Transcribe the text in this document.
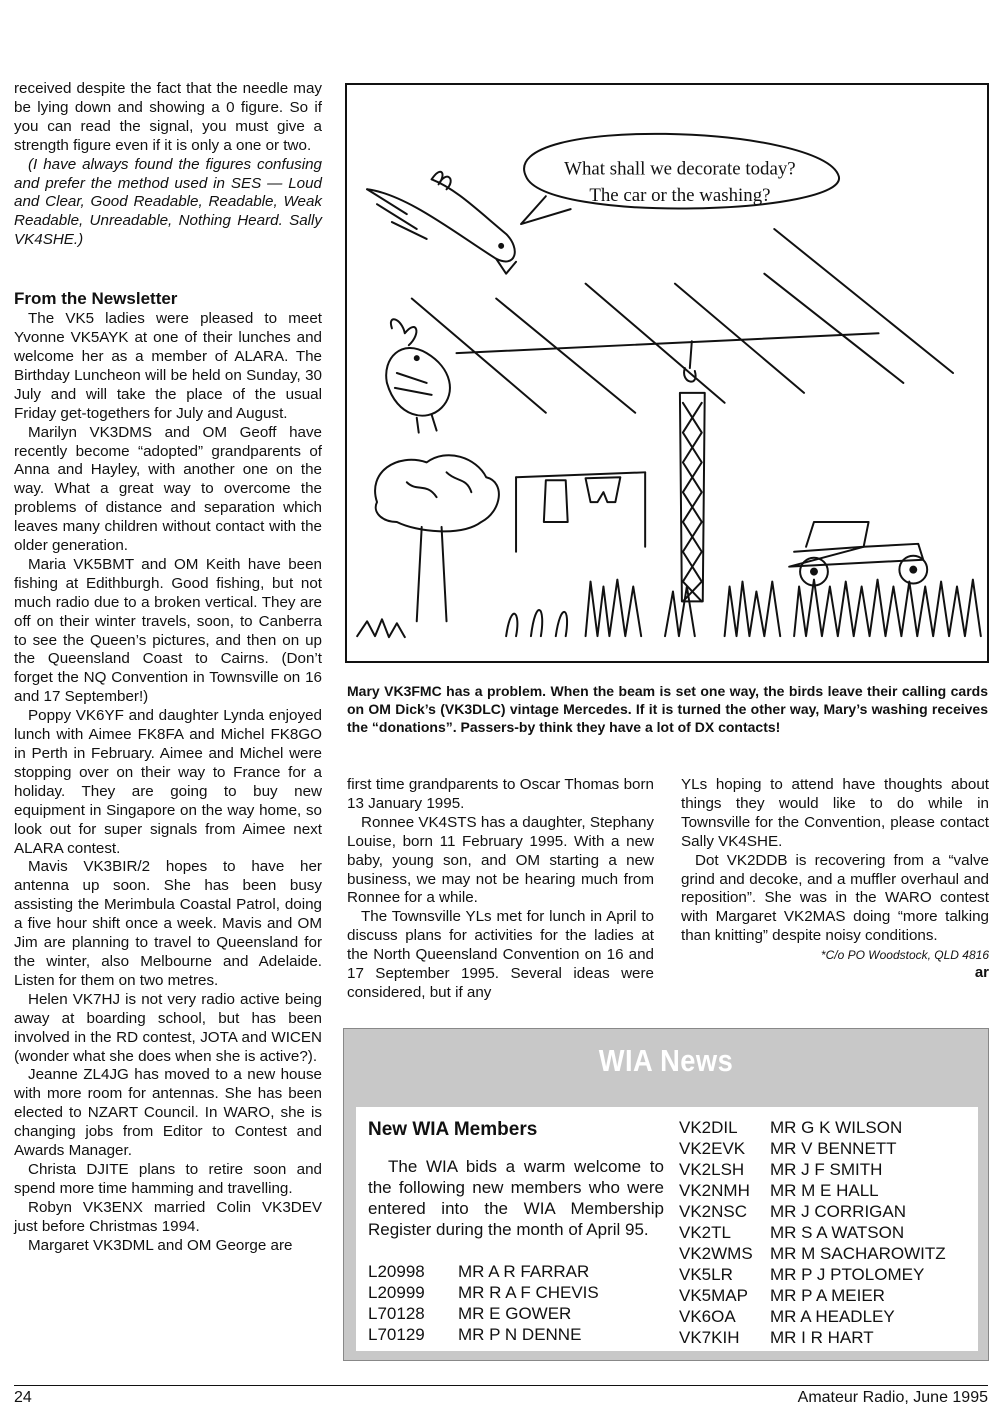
received despite the fact that the needle may be lying down and showing a 0 figure. So if you can read the signal, you must give a strength figure even if it is only a one or two.

(I have always found the figures confusing and prefer the method used in SES — Loud and Clear, Good Readable, Readable, Weak Readable, Unreadable, Nothing Heard. Sally VK4SHE.)

From the Newsletter

The VK5 ladies were pleased to meet Yvonne VK5AYK at one of their lunches and welcome her as a member of ALARA. The Birthday Luncheon will be held on Sunday, 30 July and will take the place of the usual Friday get-togethers for July and August.

Marilyn VK3DMS and OM Geoff have recently become “adopted” grandparents of Anna and Hayley, with another one on the way. What a great way to overcome the problems of distance and separation which leaves many children without contact with the older generation.

Maria VK5BMT and OM Keith have been fishing at Edithburgh. Good fishing, but not much radio due to a broken vertical. They are off on their winter travels, soon, to Canberra to see the Queen’s pictures, and then on up the Queensland Coast to Cairns. (Don’t forget the NQ Convention in Townsville on 16 and 17 September!)

Poppy VK6YF and daughter Lynda enjoyed lunch with Aimee FK8FA and Michel FK8GO in Perth in February. Aimee and Michel were stopping over on their way to France for a holiday. They are going to buy new equipment in Singapore on the way home, so look out for super signals from Aimee next ALARA contest.

Mavis VK3BIR/2 hopes to have her antenna up soon. She has been busy assisting the Merimbula Coastal Patrol, doing a five hour shift once a week. Mavis and OM Jim are planning to travel to Queensland for the winter, also Melbourne and Adelaide. Listen for them on two metres.

Helen VK7HJ is not very radio active being away at boarding school, but has been involved in the RD contest, JOTA and WICEN (wonder what she does when she is active?).

Jeanne ZL4JG has moved to a new house with more room for antennas. She has been elected to NZART Council. In WARO, she is changing jobs from Editor to Contest and Awards Manager.

Christa DJITE plans to retire soon and spend more time hamming and travelling.

Robyn VK3ENX married Colin VK3DEV just before Christmas 1994.

Margaret VK3DML and OM George are

What shall we decorate today?
The car or the washing?
Mary VK3FMC has a problem. When the beam is set one way, the birds leave their calling cards on OM Dick’s (VK3DLC) vintage Mercedes. If it is turned the other way, Mary’s washing receives the “donations”. Passers-by think they have a lot of DX contacts!

first time grandparents to Oscar Thomas born 13 January 1995.

Ronnee VK4STS has a daughter, Stephany Louise, born 11 February 1995. With a new baby, young son, and OM starting a new business, we may not be hearing much from Ronnee for a while.

The Townsville YLs met for lunch in April to discuss plans for activities for the ladies at the North Queensland Convention on 16 and 17 September 1995. Several ideas were considered, but if any

YLs hoping to attend have thoughts about things they would like to do while in Townsville for the Convention, please contact Sally VK4SHE.

Dot VK2DDB is recovering from a “valve grind and decoke, and a muffler overhaul and reposition”. She was in the WARO contest with Margaret VK2MAS doing “more talking than knitting” despite noisy conditions.

*C/o PO Woodstock, QLD 4816
ar
WIA News
New WIA Members
The WIA bids a warm welcome to the following new members who were entered into the WIA Membership Register during the month of April 95.
L20998	MR A R FARRAR
L20999	MR R A F CHEVIS
L70128	MR E GOWER
L70129	MR P N DENNE
VK2DIL	MR G K WILSON
VK2EVK	MR V BENNETT
VK2LSH	MR J F SMITH
VK2NMH	MR M E HALL
VK2NSC	MR J CORRIGAN
VK2TL	MR S A WATSON
VK2WMS	MR M SACHAROWITZ
VK5LR	MR P J PTOLOMEY
VK5MAP	MR P A MEIER
VK6OA	MR A HEADLEY
VK7KIH	MR I R HART
24	Amateur Radio, June 1995
